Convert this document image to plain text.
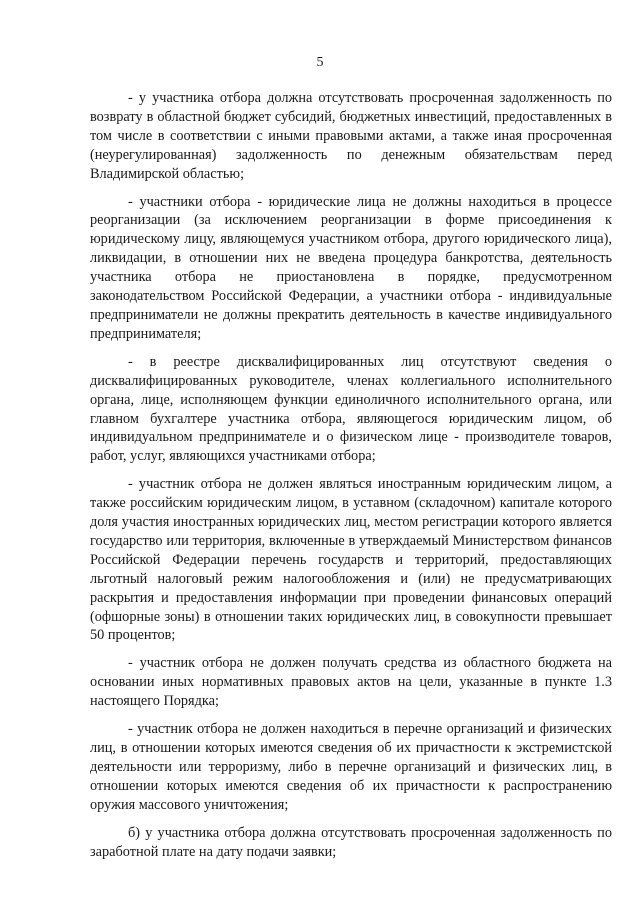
5

- у участника отбора должна отсутствовать просроченная задолженность по возврату в областной бюджет субсидий, бюджетных инвестиций, предоставленных в том числе в соответствии с иными правовыми актами, а также иная просроченная (неурегулированная) задолженность по денежным обязательствам перед Владимирской областью;

- участники отбора - юридические лица не должны находиться в процессе реорганизации (за исключением реорганизации в форме присоединения к юридическому лицу, являющемуся участником отбора, другого юридического лица), ликвидации, в отношении них не введена процедура банкротства, деятельность участника отбора не приостановлена в порядке, предусмотренном законодательством Российской Федерации, а участники отбора - индивидуальные предприниматели не должны прекратить деятельность в качестве индивидуального предпринимателя;

- в реестре дисквалифицированных лиц отсутствуют сведения о дисквалифицированных руководителе, членах коллегиального исполнительного органа, лице, исполняющем функции единоличного исполнительного органа, или главном бухгалтере участника отбора, являющегося юридическим лицом, об индивидуальном предпринимателе и о физическом лице - производителе товаров, работ, услуг, являющихся участниками отбора;

- участник отбора не должен являться иностранным юридическим лицом, а также российским юридическим лицом, в уставном (складочном) капитале которого доля участия иностранных юридических лиц, местом регистрации которого является государство или территория, включенные в утверждаемый Министерством финансов Российской Федерации перечень государств и территорий, предоставляющих льготный налоговый режим налогообложения и (или) не предусматривающих раскрытия и предоставления информации при проведении финансовых операций (офшорные зоны) в отношении таких юридических лиц, в совокупности превышает 50 процентов;

- участник отбора не должен получать средства из областного бюджета на основании иных нормативных правовых актов на цели, указанные в пункте 1.3 настоящего Порядка;

- участник отбора не должен находиться в перечне организаций и физических лиц, в отношении которых имеются сведения об их причастности к экстремистской деятельности или терроризму, либо в перечне организаций и физических лиц, в отношении которых имеются сведения об их причастности к распространению оружия массового уничтожения;

б) у участника отбора должна отсутствовать просроченная задолженность по заработной плате на дату подачи заявки;
